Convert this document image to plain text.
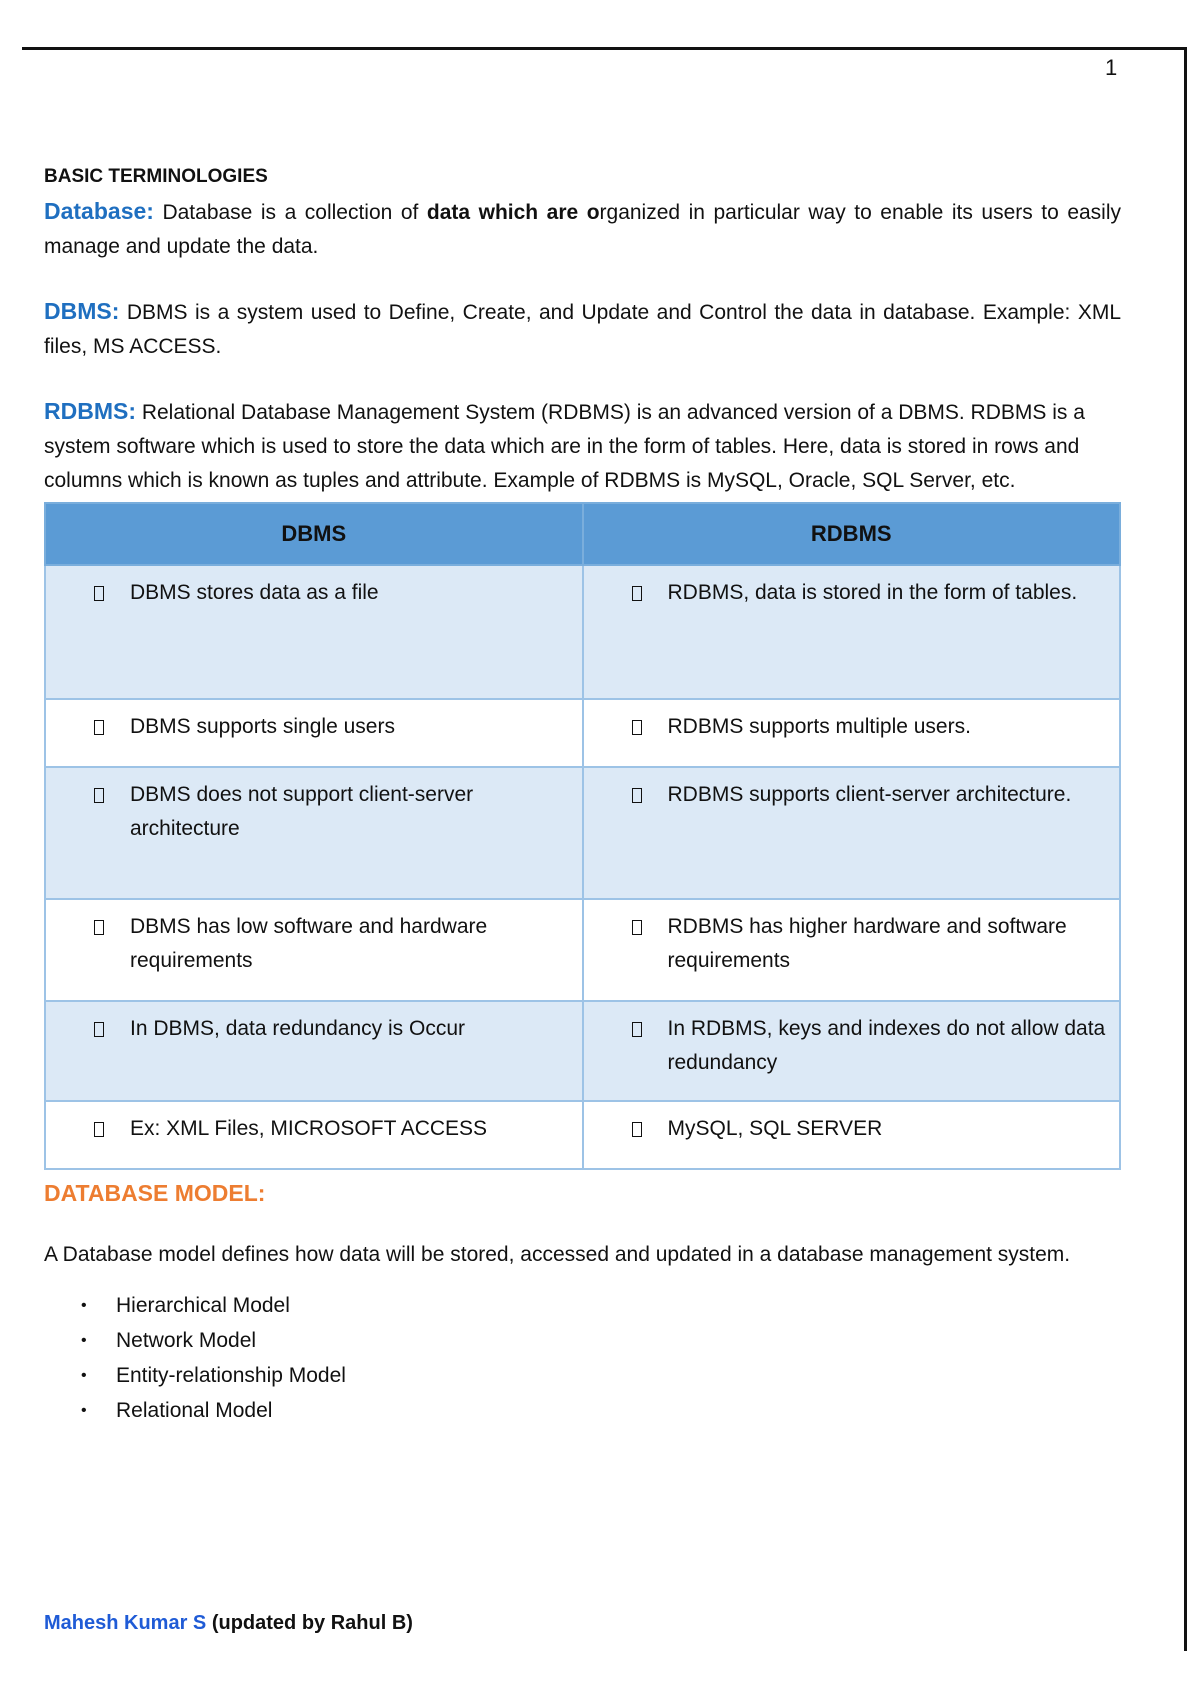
1
BASIC TERMINOLOGIES

Database: Database is a collection of data which are organized in particular way to enable its users to easily manage and update the data.

DBMS: DBMS is a system used to Define, Create, and Update and Control the data in database. Example: XML files, MS ACCESS.

RDBMS: Relational Database Management System (RDBMS) is an advanced version of a DBMS. RDBMS is a system software which is used to store the data which are in the form of tables. Here, data is stored in rows and columns which is known as tuples and attribute. Example of RDBMS is MySQL, Oracle, SQL Server, etc.

DBMS	RDBMS

DBMS stores data as a file	RDBMS, data is stored in the form of tables.

DBMS supports single users	RDBMS supports multiple users.

DBMS does not support client-server architecture	RDBMS supports client-server architecture.

DBMS has low software and hardware requirements	RDBMS has higher hardware and software requirements

In DBMS, data redundancy is Occur	In RDBMS, keys and indexes do not allow data redundancy

Ex: XML Files, MICROSOFT ACCESS	MySQL, SQL SERVER
DATABASE MODEL:

A Database model defines how data will be stored, accessed and updated in a database management system.

• Hierarchical Model
• Network Model
• Entity-relationship Model
• Relational Model
Mahesh Kumar S (updated by Rahul B)
